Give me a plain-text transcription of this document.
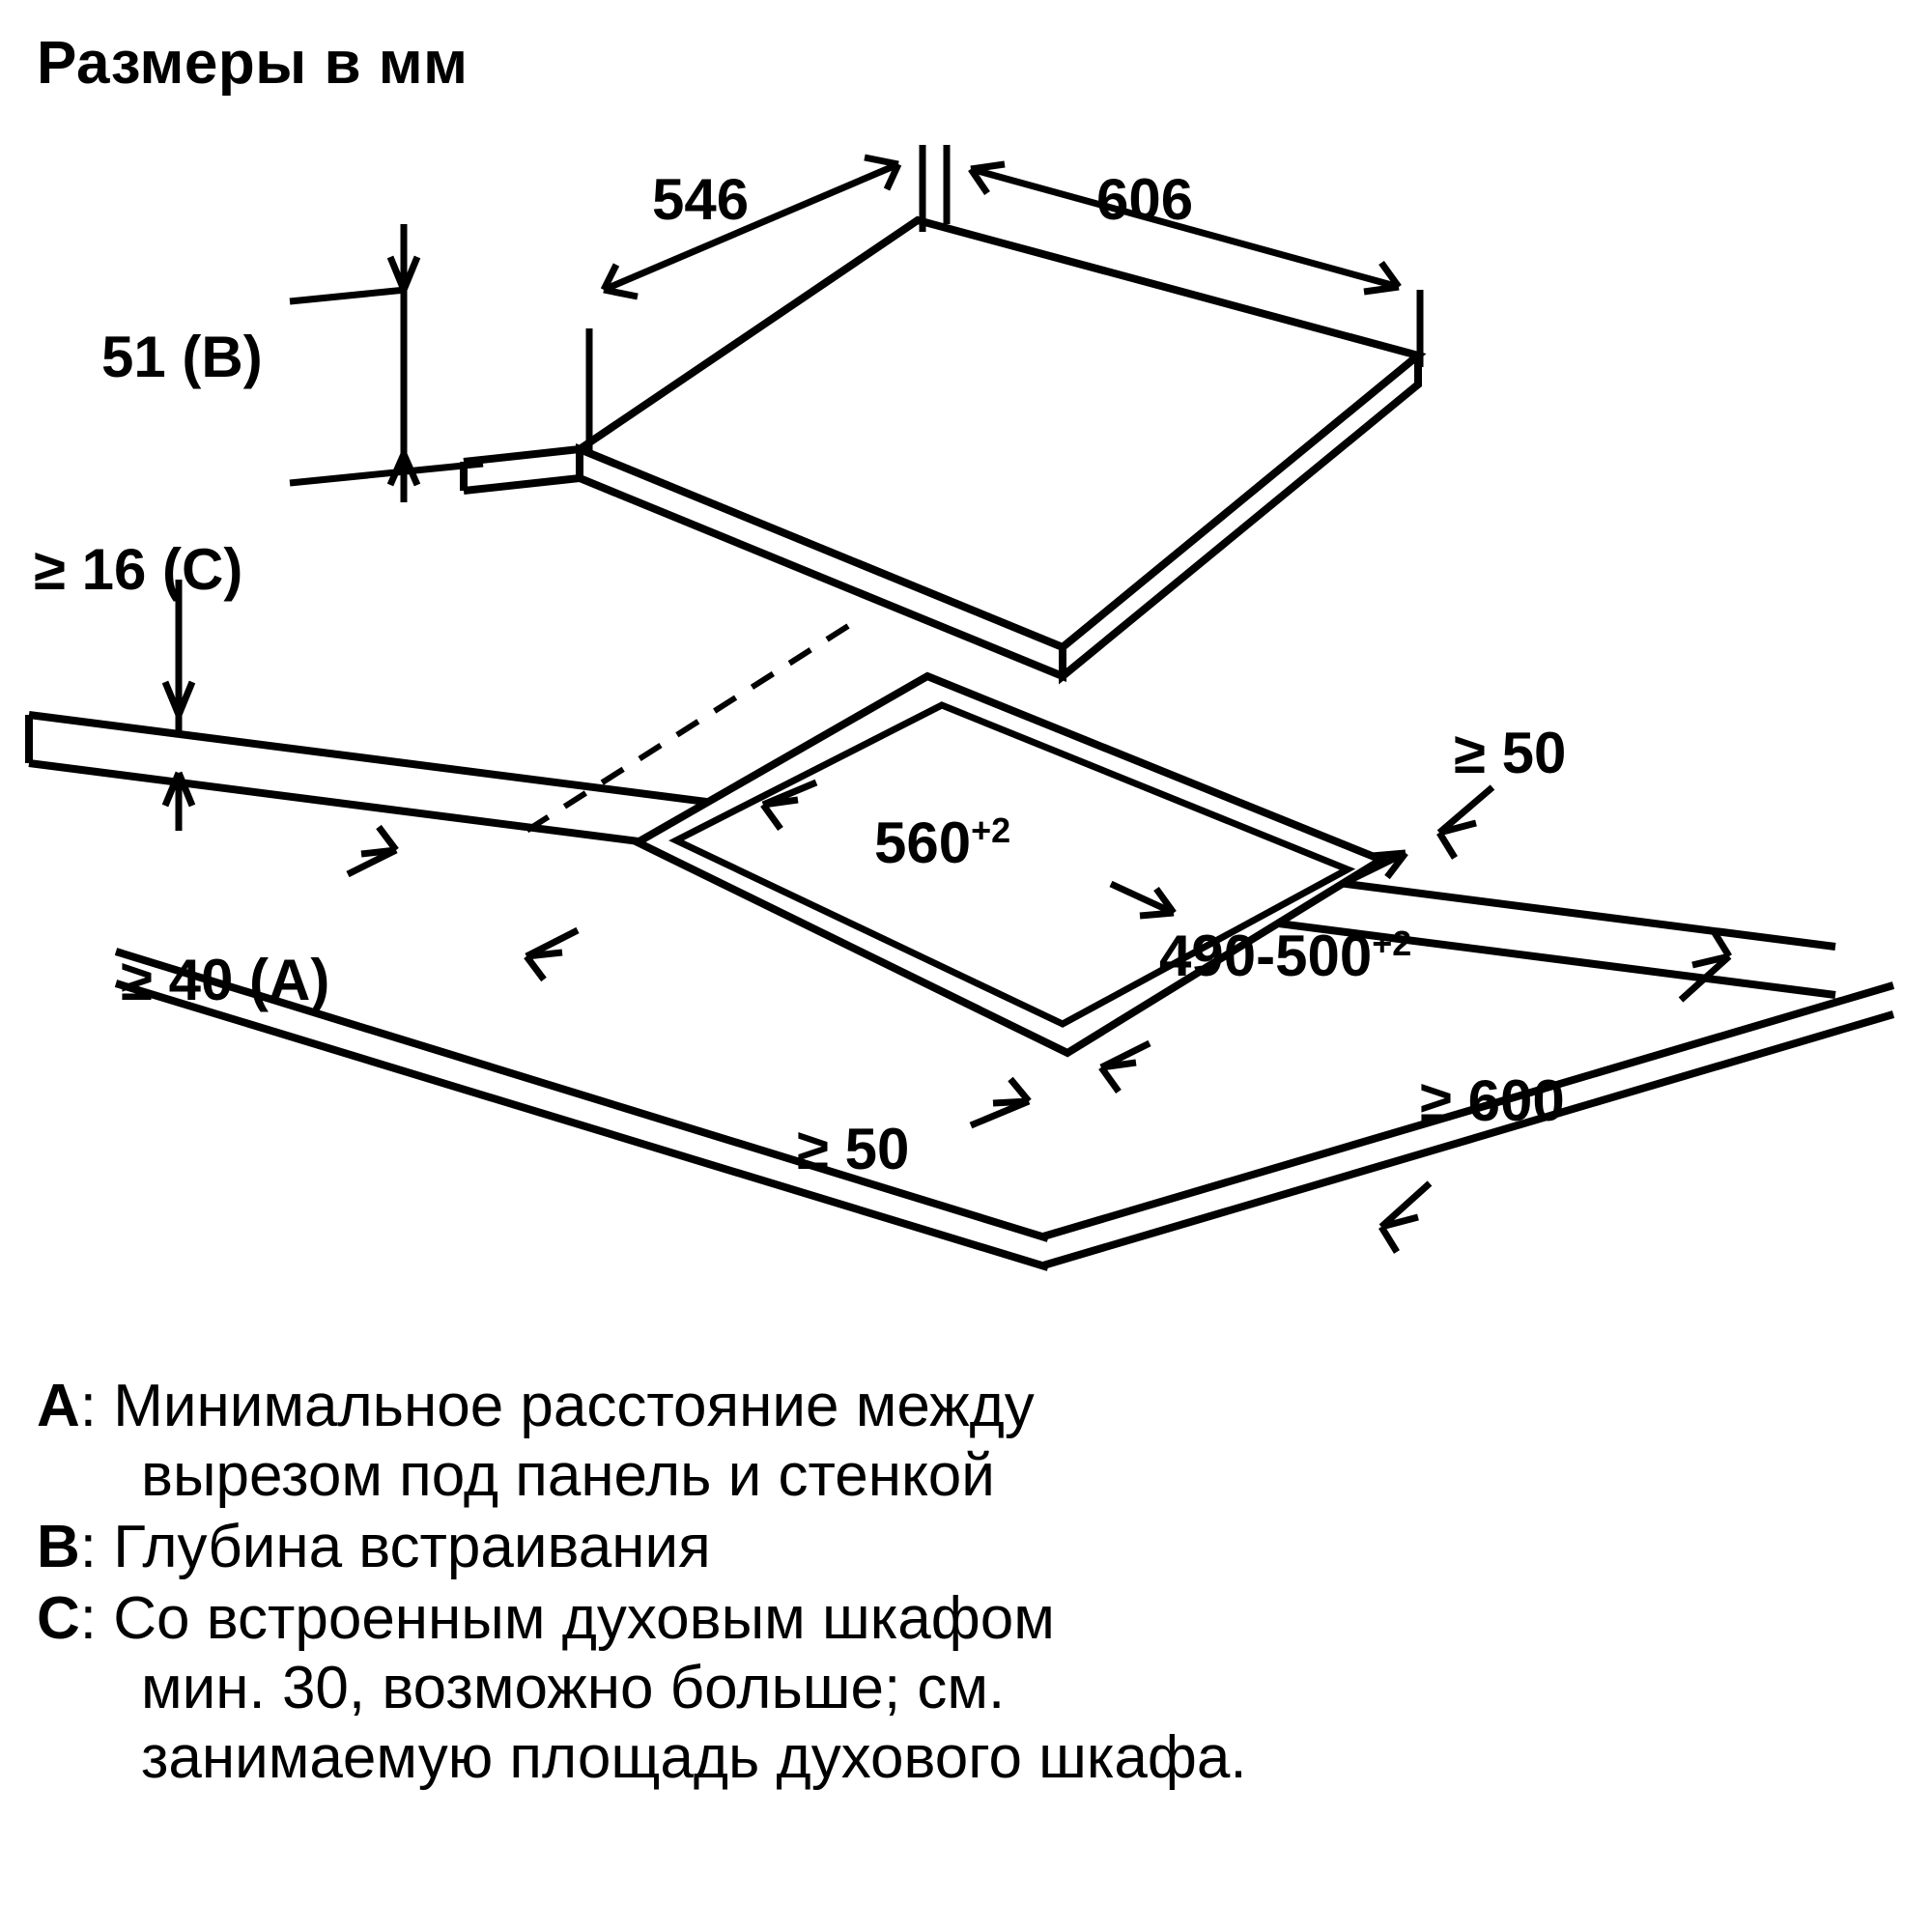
Размеры в мм
546	606
51 (B)
≥ 16 (C)
$560^{+2}$
$490-500^{+2}$
≥ 50
≥ 600
≥ 40 (A)
≥ 50
A: Минимальное расстояние между
вырезом под панель и стенкой
B: Глубина встраивания
C: Со встроенным духовым шкафом
мин. 30, возможно больше; см.
занимаемую площадь духового шкафа.
